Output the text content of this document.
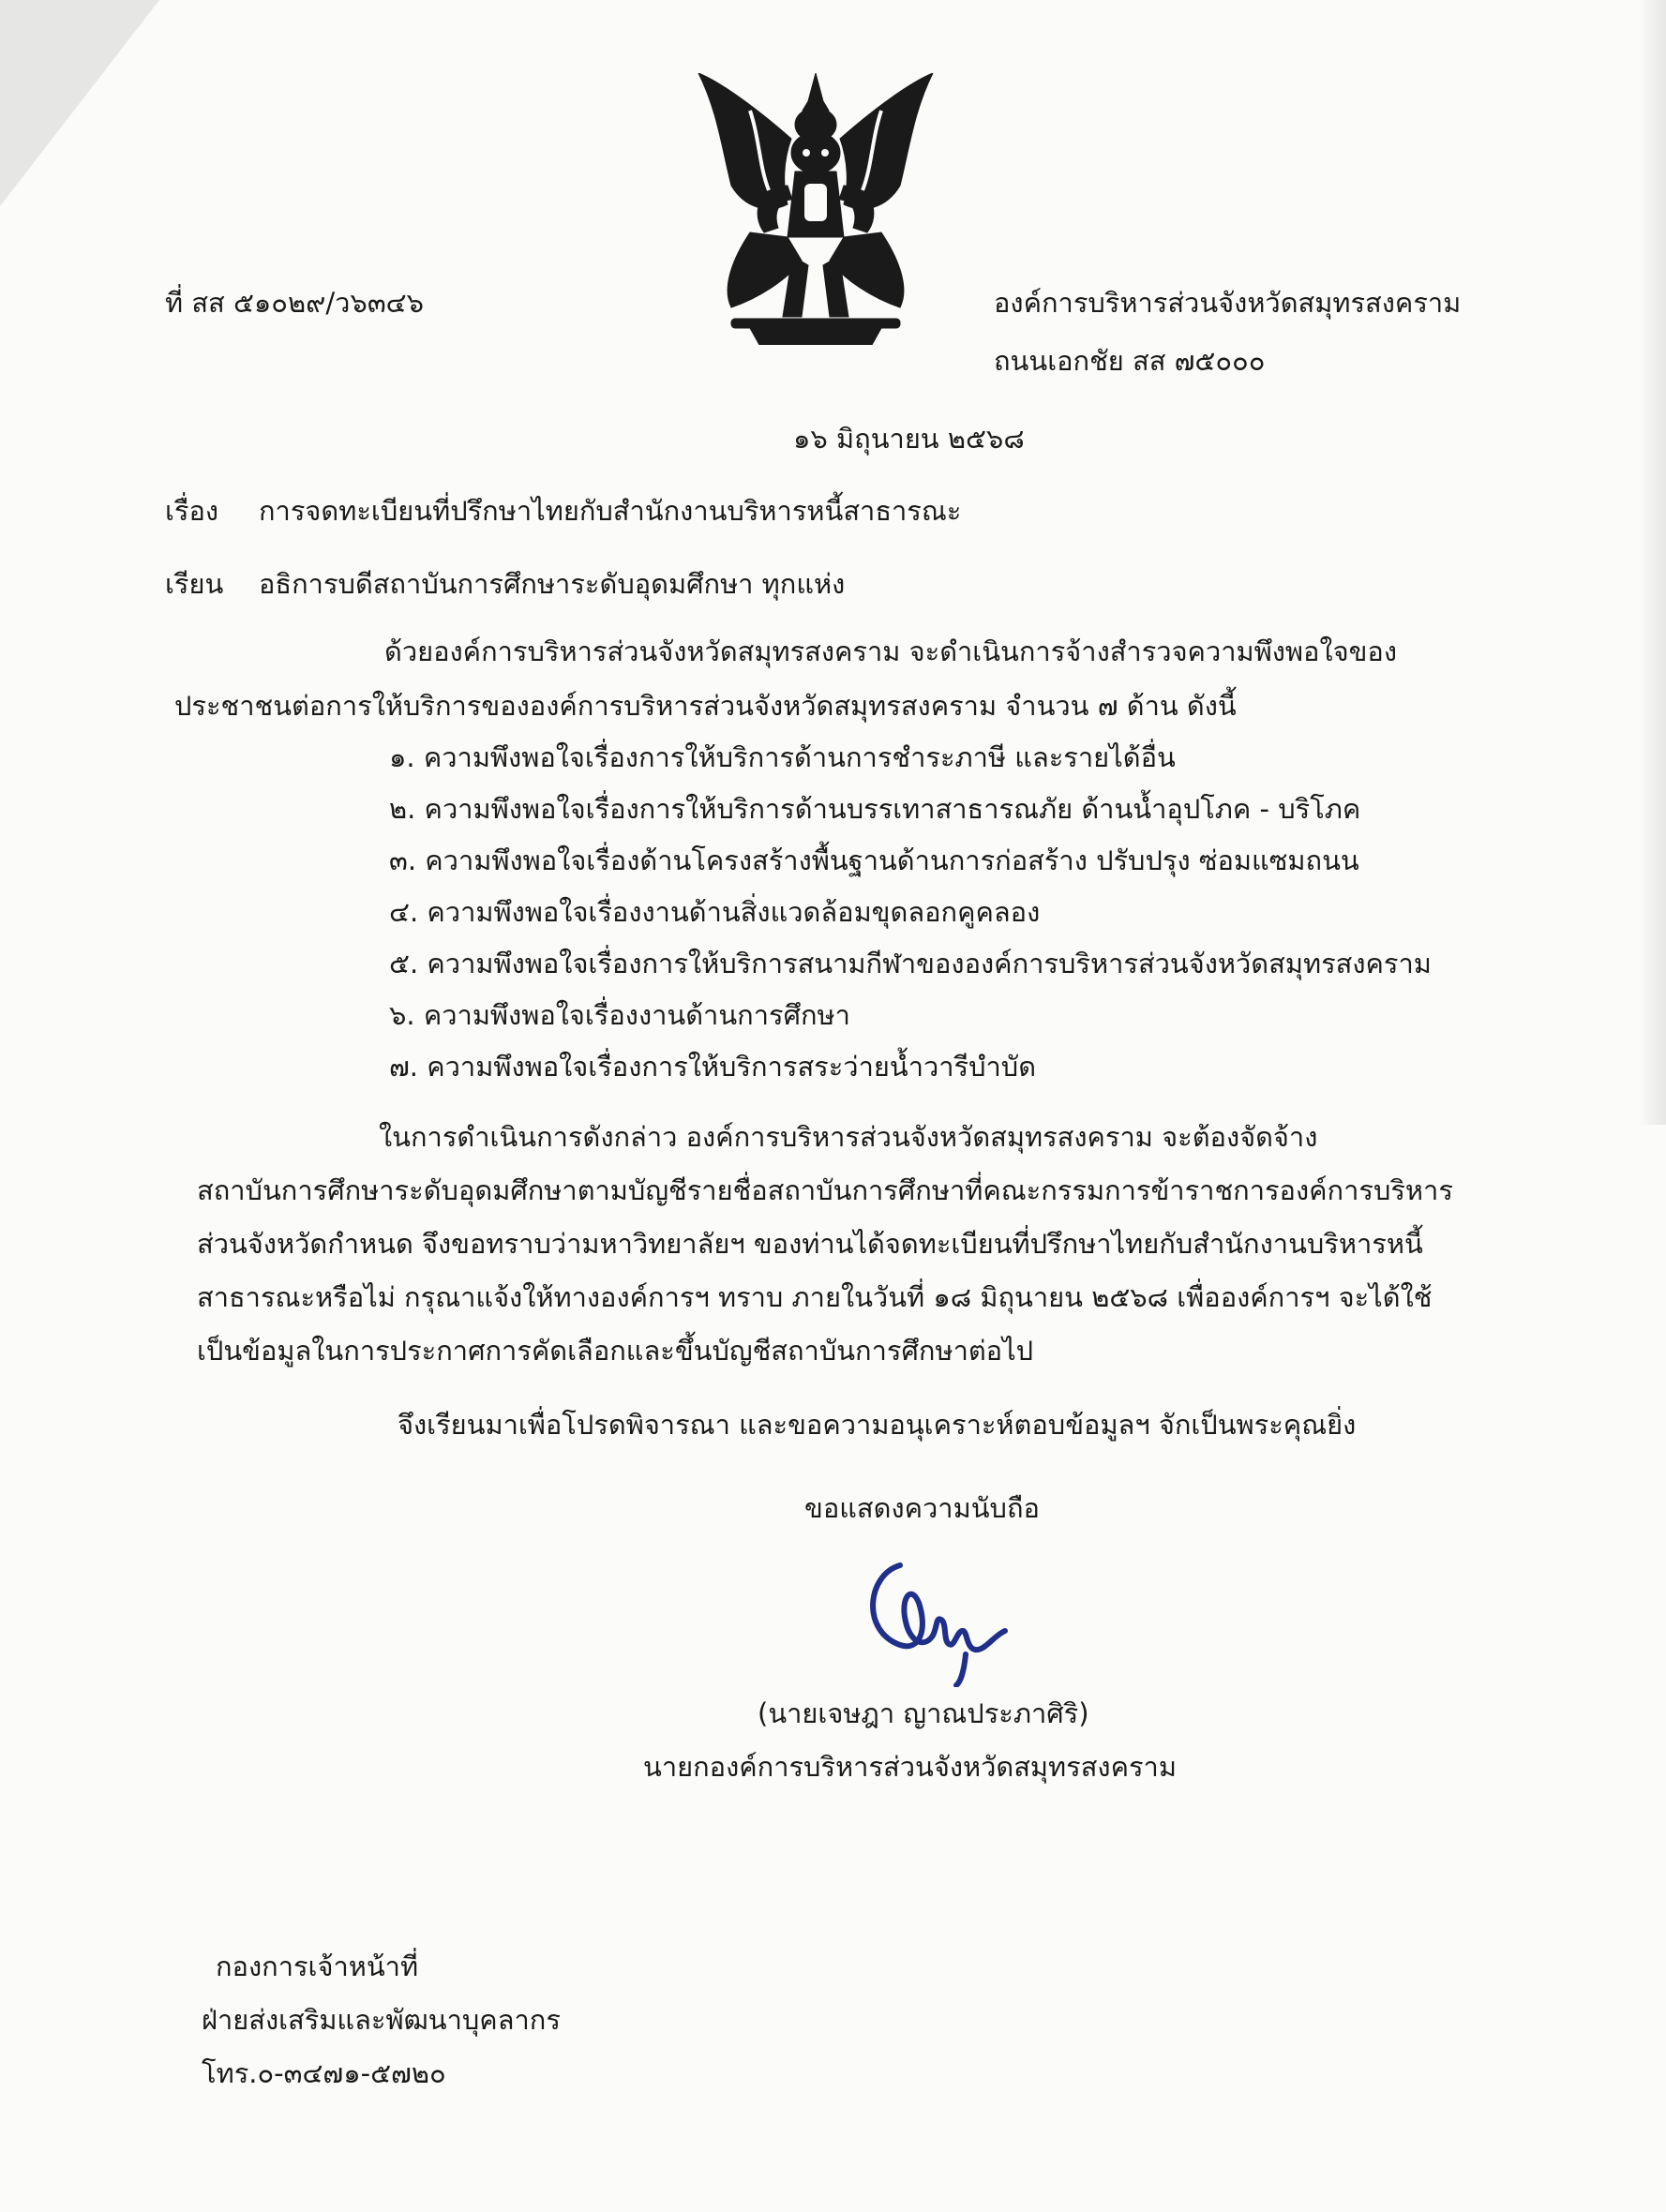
ที่ สส ๕๑๐๒๙/ว๖๓๔๖	องค์การบริหารส่วนจังหวัดสมุทรสงคราม
ถนนเอกชัย สส ๗๕๐๐๐
๑๖ มิถุนายน ๒๕๖๘
เรื่อง การจดทะเบียนที่ปรึกษาไทยกับสำนักงานบริหารหนี้สาธารณะ
เรียน อธิการบดีสถาบันการศึกษาระดับอุดมศึกษา ทุกแห่ง
ด้วยองค์การบริหารส่วนจังหวัดสมุทรสงคราม จะดำเนินการจ้างสำรวจความพึงพอใจของ
ประชาชนต่อการให้บริการขององค์การบริหารส่วนจังหวัดสมุทรสงคราม จำนวน ๗ ด้าน ดังนี้
๑. ความพึงพอใจเรื่องการให้บริการด้านการชำระภาษี และรายได้อื่น
๒. ความพึงพอใจเรื่องการให้บริการด้านบรรเทาสาธารณภัย ด้านน้ำอุปโภค - บริโภค
๓. ความพึงพอใจเรื่องด้านโครงสร้างพื้นฐานด้านการก่อสร้าง ปรับปรุง ซ่อมแซมถนน
๔. ความพึงพอใจเรื่องงานด้านสิ่งแวดล้อมขุดลอกคูคลอง
๕. ความพึงพอใจเรื่องการให้บริการสนามกีฬาขององค์การบริหารส่วนจังหวัดสมุทรสงคราม
๖. ความพึงพอใจเรื่องงานด้านการศึกษา
๗. ความพึงพอใจเรื่องการให้บริการสระว่ายน้ำวารีบำบัด
ในการดำเนินการดังกล่าว องค์การบริหารส่วนจังหวัดสมุทรสงคราม จะต้องจัดจ้าง
สถาบันการศึกษาระดับอุดมศึกษาตามบัญชีรายชื่อสถาบันการศึกษาที่คณะกรรมการข้าราชการองค์การบริหาร
ส่วนจังหวัดกำหนด จึงขอทราบว่ามหาวิทยาลัยฯ ของท่านได้จดทะเบียนที่ปรึกษาไทยกับสำนักงานบริหารหนี้
สาธารณะหรือไม่ กรุณาแจ้งให้ทางองค์การฯ ทราบ ภายในวันที่ ๑๘ มิถุนายน ๒๕๖๘ เพื่อองค์การฯ จะได้ใช้
เป็นข้อมูลในการประกาศการคัดเลือกและขึ้นบัญชีสถาบันการศึกษาต่อไป
จึงเรียนมาเพื่อโปรดพิจารณา และขอความอนุเคราะห์ตอบข้อมูลฯ จักเป็นพระคุณยิ่ง
ขอแสดงความนับถือ
(นายเจษฎา ญาณประภาศิริ)
นายกองค์การบริหารส่วนจังหวัดสมุทรสงคราม
กองการเจ้าหน้าที่
ฝ่ายส่งเสริมและพัฒนาบุคลากร
โทร.๐-๓๔๗๑-๕๗๒๐
